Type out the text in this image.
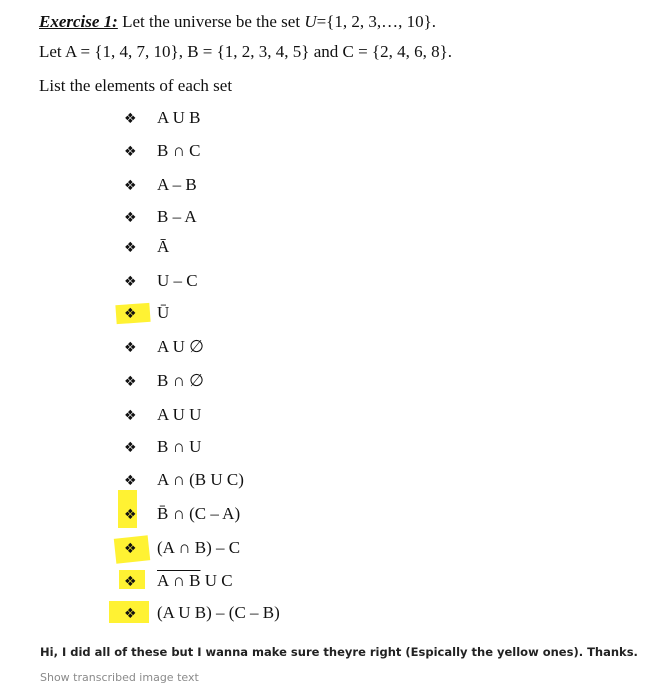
Exercise 1: Let the universe be the set U={1, 2, 3,…, 10}.
Let A = {1, 4, 7, 10}, B = {1, 2, 3, 4, 5} and C = {2, 4, 6, 8}.
List the elements of each set
❖ A U B
❖ B ∩ C
❖ A – B
❖ B – A
❖ Ā
❖ U – C
❖ Ū
❖ A U ∅
❖ B ∩ ∅
❖ A U U
❖ B ∩ U
❖ A ∩ (B U C)
❖ B̄ ∩ (C – A)
❖ (A ∩ B) – C
❖ A ∩ B U C
❖ (A U B) – (C – B)
Hi, I did all of these but I wanna make sure theyre right (Espically the yellow ones). Thanks.
Show transcribed image text
